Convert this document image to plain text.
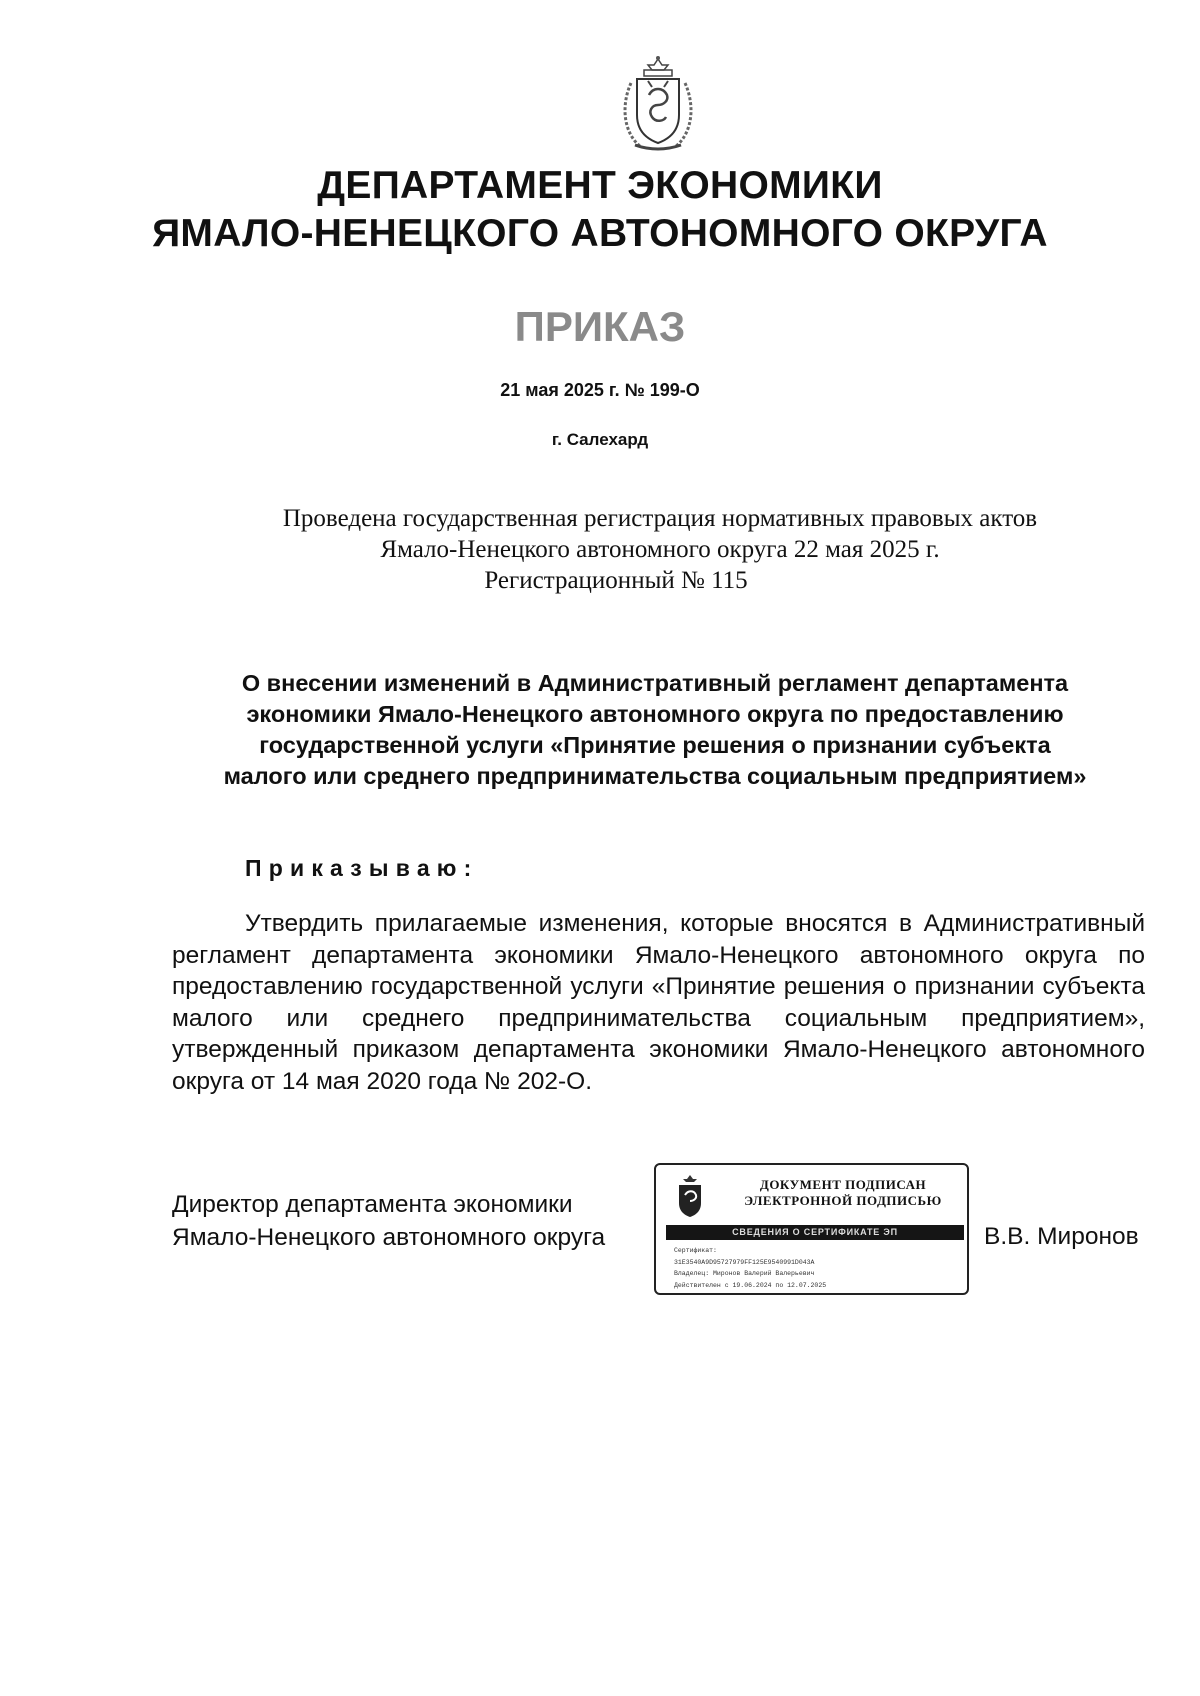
ДЕПАРТАМЕНТ ЭКОНОМИКИ
ЯМАЛО-НЕНЕЦКОГО АВТОНОМНОГО ОКРУГА
ПРИКАЗ
21 мая 2025 г. № 199-О
г. Салехард
Проведена государственная регистрация нормативных правовых актов
Ямало-Ненецкого автономного округа 22 мая 2025 г.
Регистрационный № 115
О внесении изменений в Административный регламент департамента
экономики Ямало-Ненецкого автономного округа по предоставлению
государственной услуги «Принятие решения о признании субъекта
малого или среднего предпринимательства социальным предприятием»
Приказываю:
Утвердить прилагаемые изменения, которые вносятся в Административный регламент департамента экономики Ямало-Ненецкого автономного округа по предоставлению государственной услуги «Принятие решения о признании субъекта малого или среднего предпринимательства социальным предприятием», утвержденный приказом департамента экономики Ямало-Ненецкого автономного округа от 14 мая 2020 года № 202-О.
Директор департамента экономики
Ямало-Ненецкого автономного округа
ДОКУМЕНТ ПОДПИСАН
ЭЛЕКТРОННОЙ ПОДПИСЬЮ
СВЕДЕНИЯ О СЕРТИФИКАТЕ ЭП
Сертификат:
31E3540A9D95727979FF125E9540991D043A
Владелец: Миронов Валерий Валерьевич
Действителен с 19.06.2024 по 12.07.2025
В.В. Миронов
